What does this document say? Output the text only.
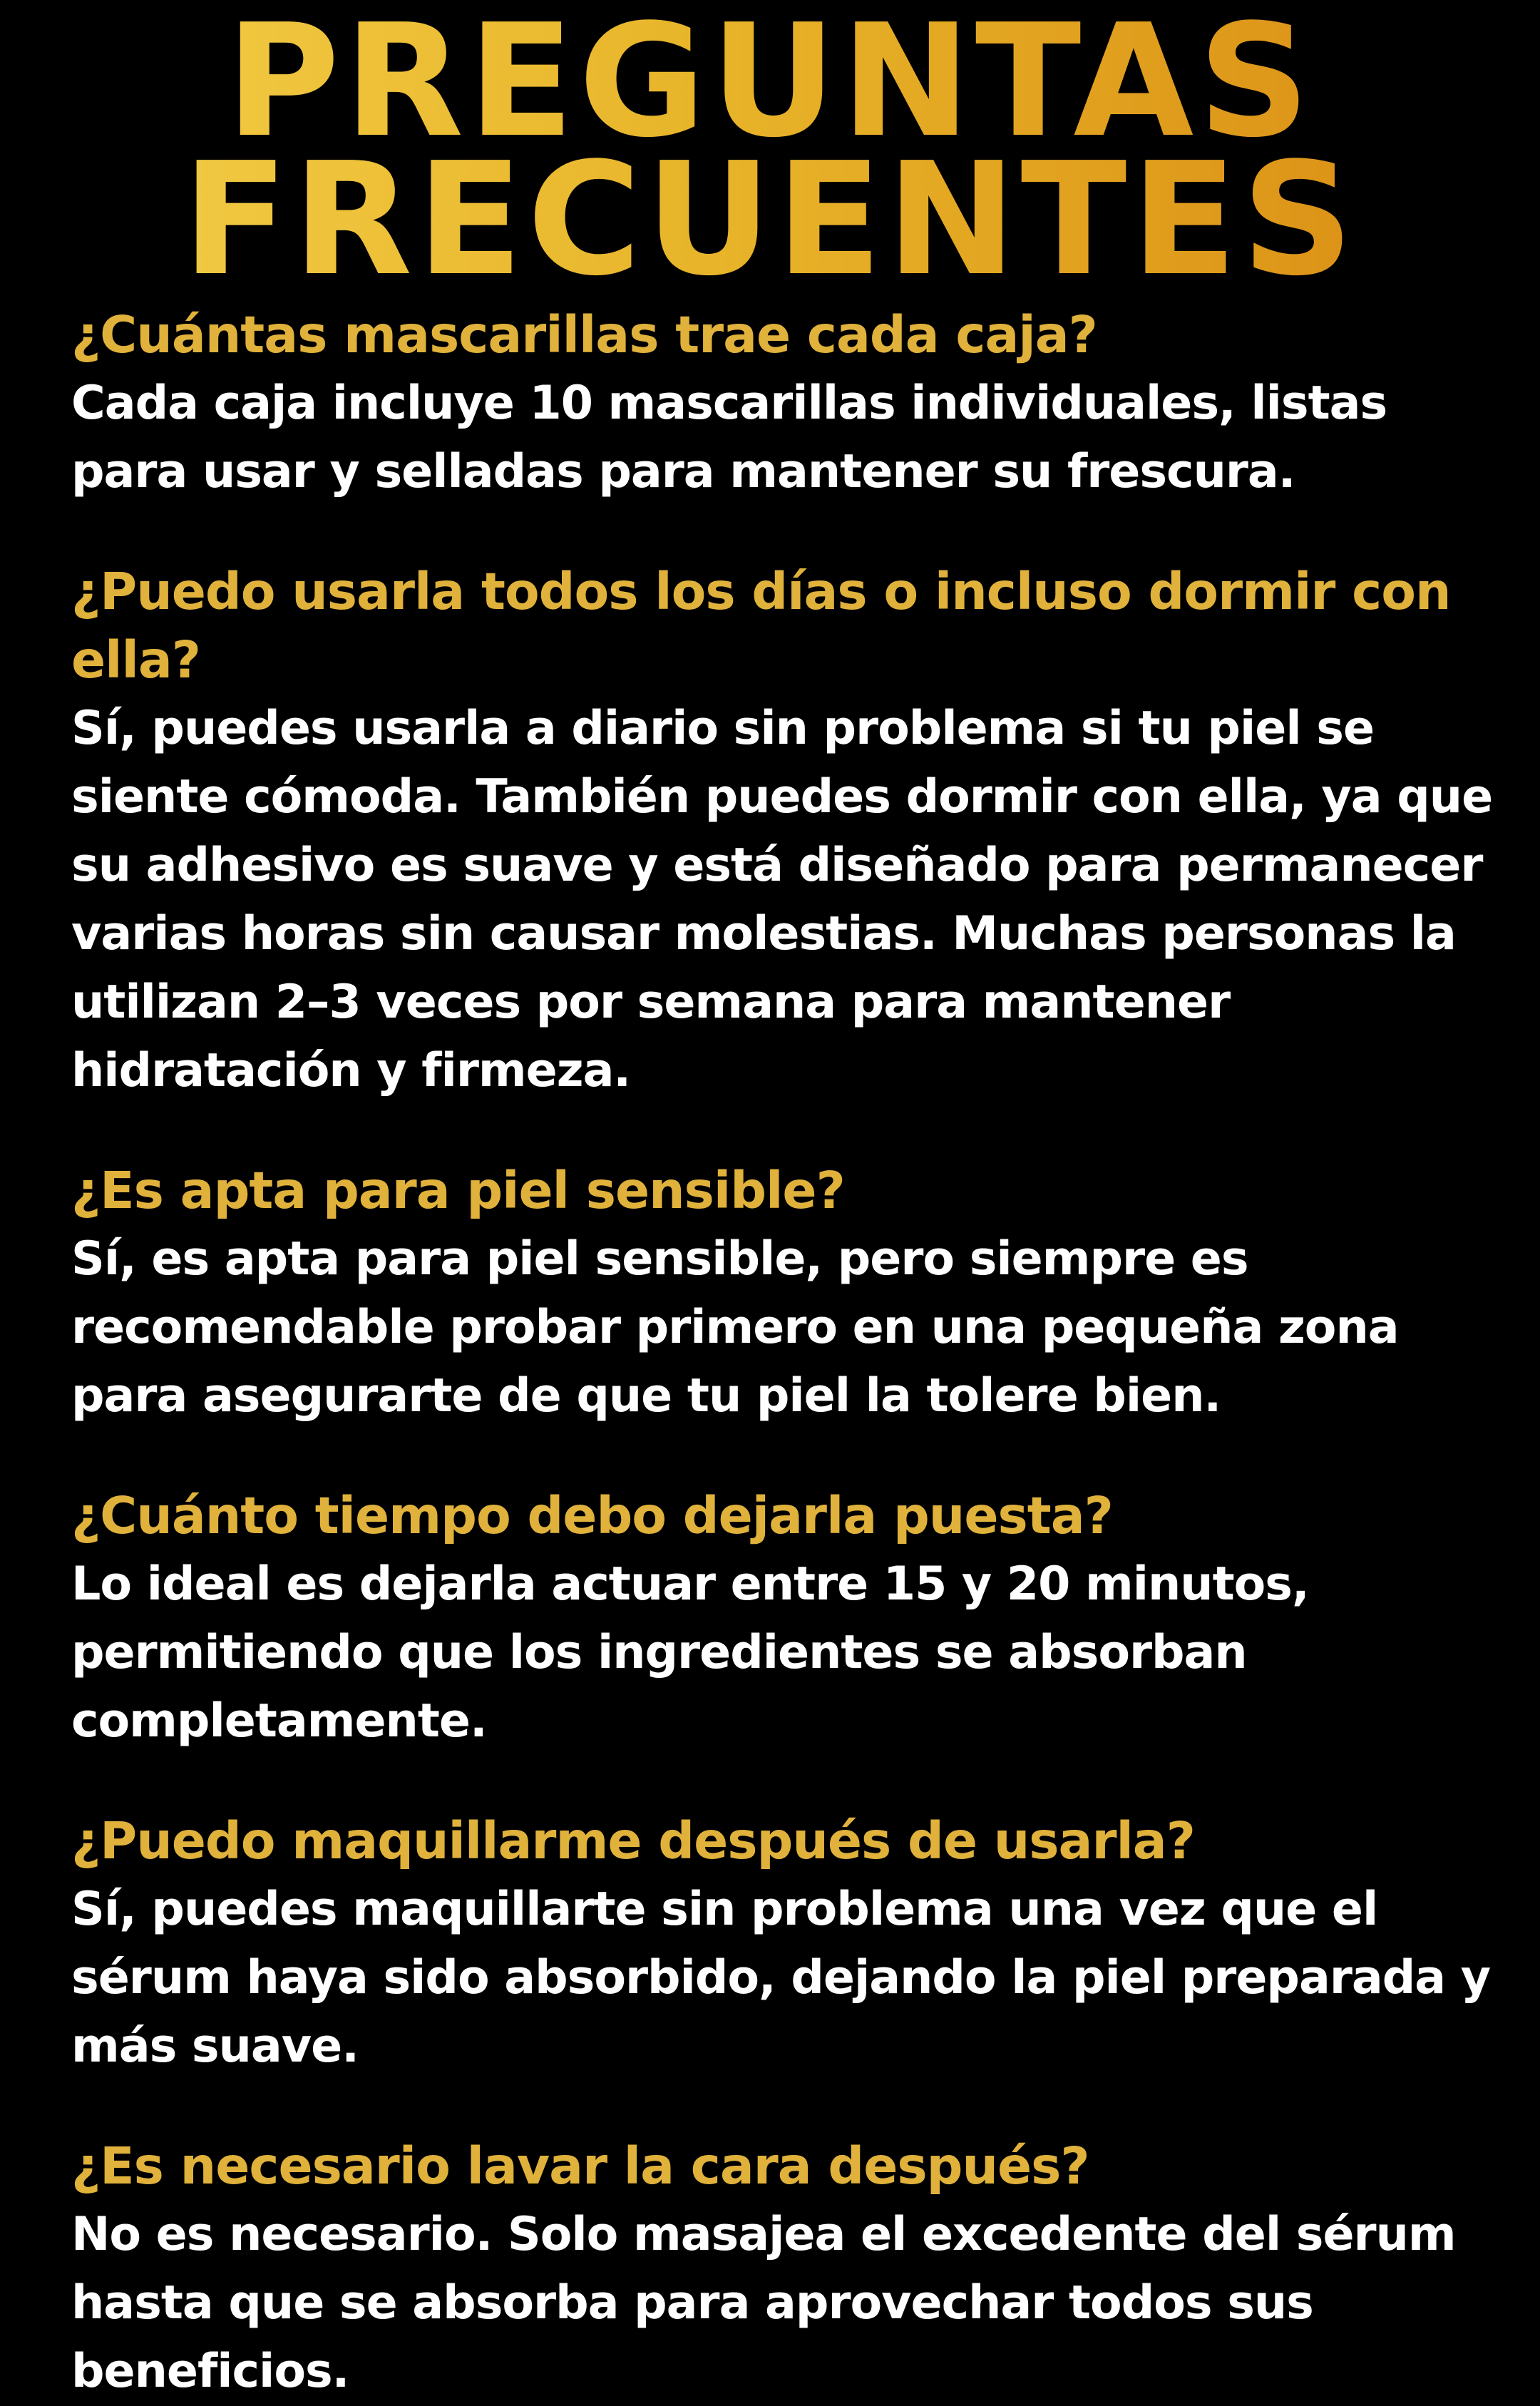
PREGUNTAS
FRECUENTES

¿Cuántas mascarillas trae cada caja?

Cada caja incluye 10 mascarillas individuales, listas para usar y selladas para mantener su frescura.

¿Puedo usarla todos los días o incluso dormir con ella?

Sí, puedes usarla a diario sin problema si tu piel se siente cómoda. También puedes dormir con ella, ya que su adhesivo es suave y está diseñado para permanecer varias horas sin causar molestias. Muchas personas la utilizan 2–3 veces por semana para mantener hidratación y firmeza.

¿Es apta para piel sensible?

Sí, es apta para piel sensible, pero siempre es recomendable probar primero en una pequeña zona para asegurarte de que tu piel la tolere bien.

¿Cuánto tiempo debo dejarla puesta?

Lo ideal es dejarla actuar entre 15 y 20 minutos, permitiendo que los ingredientes se absorban completamente.

¿Puedo maquillarme después de usarla?

Sí, puedes maquillarte sin problema una vez que el sérum haya sido absorbido, dejando la piel preparada y más suave.

¿Es necesario lavar la cara después?

No es necesario. Solo masajea el excedente del sérum hasta que se absorba para aprovechar todos sus beneficios.
